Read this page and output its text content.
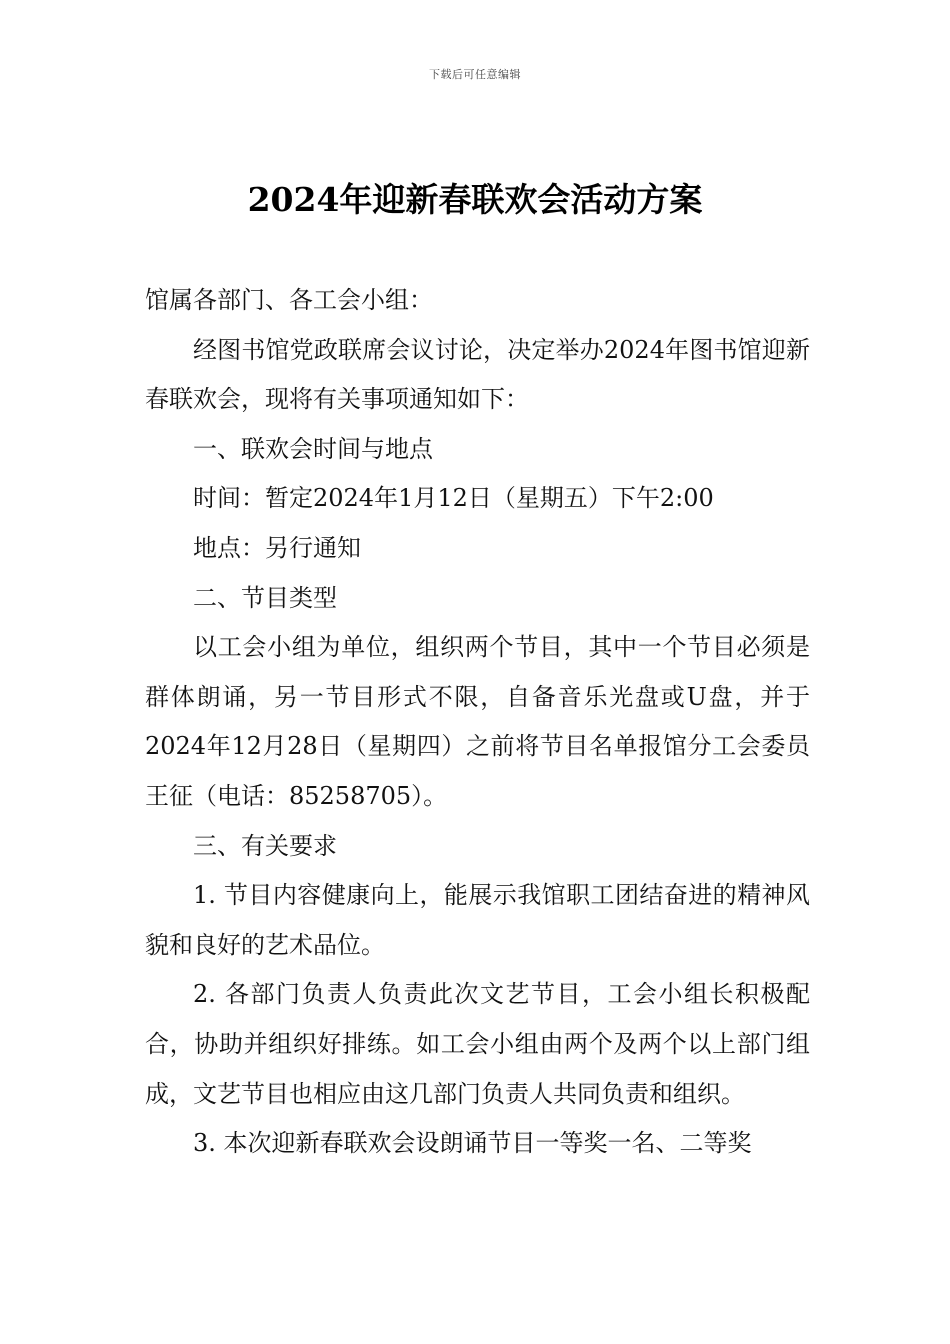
下载后可任意编辑
2024年迎新春联欢会活动方案

馆属各部门、各工会小组：

经图书馆党政联席会议讨论，决定举办2024年图书馆迎新春联欢会，现将有关事项通知如下：

一、联欢会时间与地点

时间：暂定2024年1月12日（星期五）下午2:00

地点：另行通知

二、节目类型

以工会小组为单位，组织两个节目，其中一个节目必须是群体朗诵，另一节目形式不限，自备音乐光盘或U盘，并于2024年12月28日（星期四）之前将节目名单报馆分工会委员王征（电话：85258705）。

三、有关要求

1. 节目内容健康向上，能展示我馆职工团结奋进的精神风貌和良好的艺术品位。

2. 各部门负责人负责此次文艺节目，工会小组长积极配合，协助并组织好排练。如工会小组由两个及两个以上部门组成，文艺节目也相应由这几部门负责人共同负责和组织。

3. 本次迎新春联欢会设朗诵节目一等奖一名、二等奖
